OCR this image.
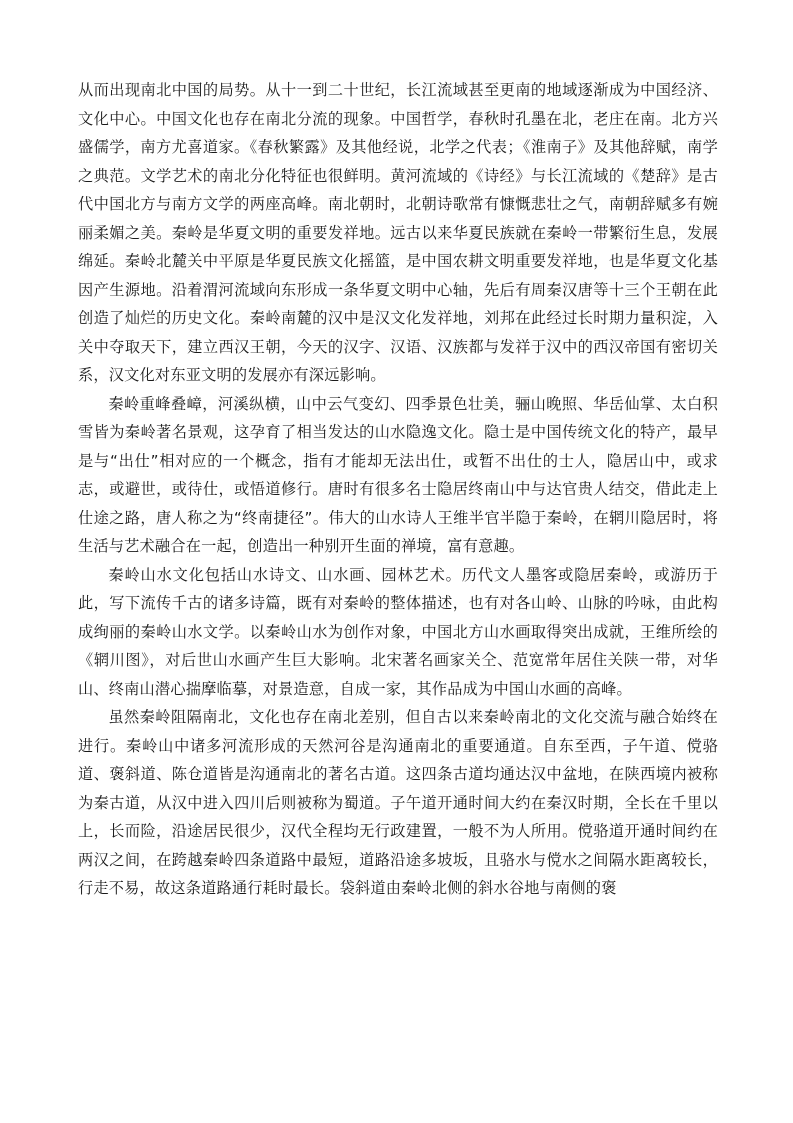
从而出现南北中国的局势。从十一到二十世纪，长江流域甚至更南的地域逐渐成为中国经济、文化中心。中国文化也存在南北分流的现象。中国哲学，春秋时孔墨在北，老庄在南。北方兴盛儒学，南方尤喜道家。《春秋繁露》及其他经说，北学之代表；《淮南子》及其他辞赋，南学之典范。文学艺术的南北分化特征也很鲜明。黄河流域的《诗经》与长江流域的《楚辞》是古代中国北方与南方文学的两座高峰。南北朝时，北朝诗歌常有慷慨悲壮之气，南朝辞赋多有婉丽柔媚之美。秦岭是华夏文明的重要发祥地。远古以来华夏民族就在秦岭一带繁衍生息，发展绵延。秦岭北麓关中平原是华夏民族文化摇篮，是中国农耕文明重要发祥地，也是华夏文化基因产生源地。沿着渭河流域向东形成一条华夏文明中心轴，先后有周秦汉唐等十三个王朝在此创造了灿烂的历史文化。秦岭南麓的汉中是汉文化发祥地，刘邦在此经过长时期力量积淀，入关中夺取天下，建立西汉王朝，今天的汉字、汉语、汉族都与发祥于汉中的西汉帝国有密切关系，汉文化对东亚文明的发展亦有深远影响。

秦岭重峰叠嶂，河溪纵横，山中云气变幻、四季景色壮美，骊山晚照、华岳仙掌、太白积雪皆为秦岭著名景观，这孕育了相当发达的山水隐逸文化。隐士是中国传统文化的特产，最早是与“出仕”相对应的一个概念，指有才能却无法出仕，或暂不出仕的士人，隐居山中，或求志，或避世，或待仕，或悟道修行。唐时有很多名士隐居终南山中与达官贵人结交，借此走上仕途之路，唐人称之为“终南捷径”。伟大的山水诗人王维半官半隐于秦岭，在辋川隐居时，将生活与艺术融合在一起，创造出一种别开生面的禅境，富有意趣。

秦岭山水文化包括山水诗文、山水画、园林艺术。历代文人墨客或隐居秦岭，或游历于此，写下流传千古的诸多诗篇，既有对秦岭的整体描述，也有对各山岭、山脉的吟咏，由此构成绚丽的秦岭山水文学。以秦岭山水为创作对象，中国北方山水画取得突出成就，王维所绘的《辋川图》，对后世山水画产生巨大影响。北宋著名画家关仝、范宽常年居住关陕一带，对华山、终南山潜心揣摩临摹，对景造意，自成一家，其作品成为中国山水画的高峰。

虽然秦岭阻隔南北，文化也存在南北差别，但自古以来秦岭南北的文化交流与融合始终在进行。秦岭山中诸多河流形成的天然河谷是沟通南北的重要通道。自东至西，子午道、傥骆道、褒斜道、陈仓道皆是沟通南北的著名古道。这四条古道均通达汉中盆地，在陕西境内被称为秦古道，从汉中进入四川后则被称为蜀道。子午道开通时间大约在秦汉时期，全长在千里以上，长而险，沿途居民很少，汉代全程均无行政建置，一般不为人所用。傥骆道开通时间约在两汉之间，在跨越秦岭四条道路中最短，道路沿途多坡坂，且骆水与傥水之间隔水距离较长，行走不易，故这条道路通行耗时最长。袋斜道由秦岭北侧的斜水谷地与南侧的褒
